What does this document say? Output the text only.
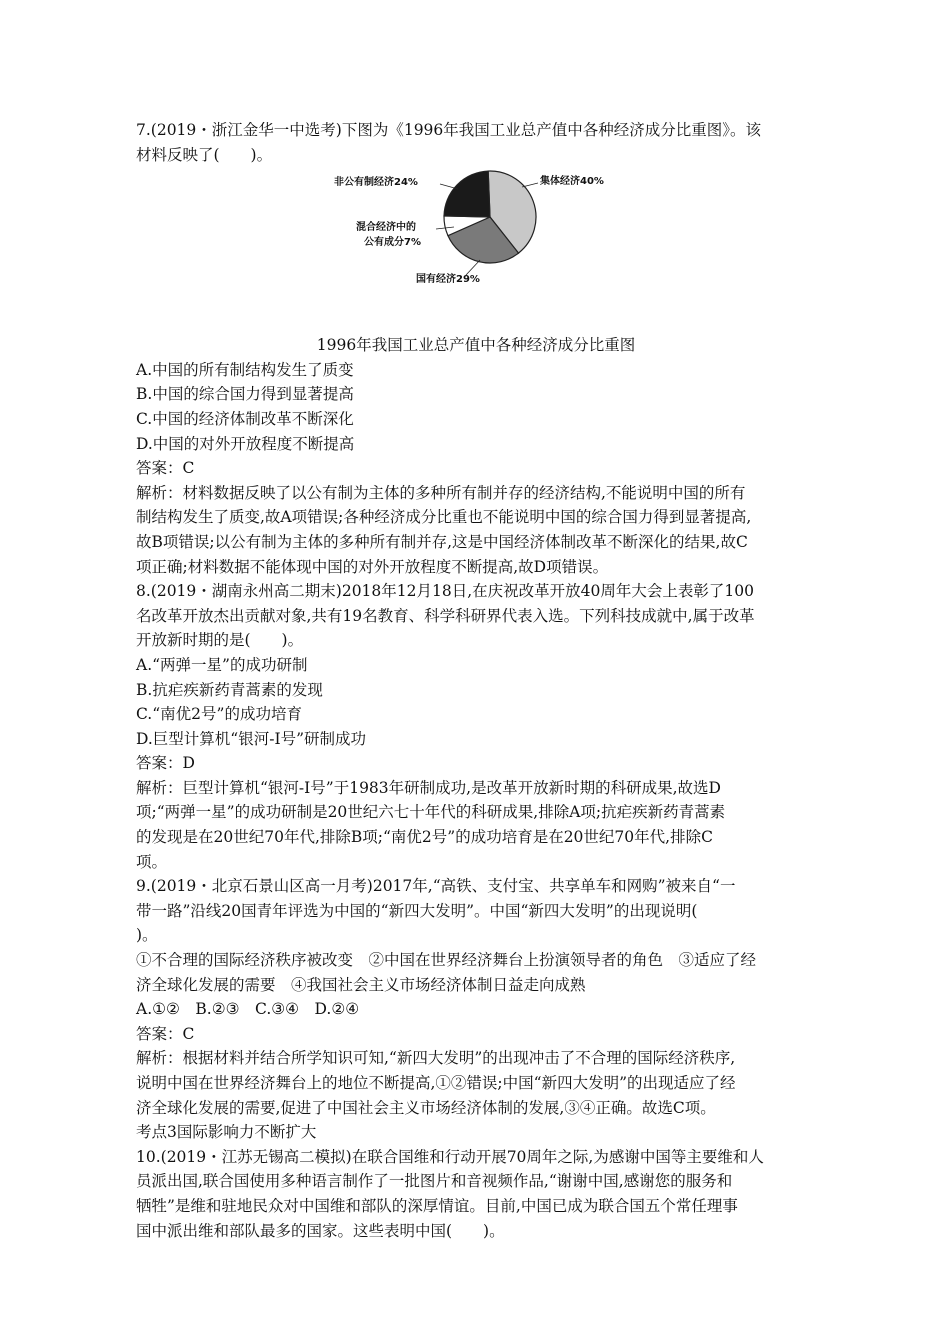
7.(2019・浙江金华一中选考)下图为《1996年我国工业总产值中各种经济成分比重图》。该
材料反映了(　　)。
集体经济40%
国有经济29%
混合经济中的
公有成分7%
非公有制经济24%
1996年我国工业总产值中各种经济成分比重图
A.中国的所有制结构发生了质变
B.中国的综合国力得到显著提高
C.中国的经济体制改革不断深化
D.中国的对外开放程度不断提高
答案：C
解析：材料数据反映了以公有制为主体的多种所有制并存的经济结构,不能说明中国的所有
制结构发生了质变,故A项错误;各种经济成分比重也不能说明中国的综合国力得到显著提高,
故B项错误;以公有制为主体的多种所有制并存,这是中国经济体制改革不断深化的结果,故C
项正确;材料数据不能体现中国的对外开放程度不断提高,故D项错误。
8.(2019・湖南永州高二期末)2018年12月18日,在庆祝改革开放40周年大会上表彰了100
名改革开放杰出贡献对象,共有19名教育、科学科研界代表入选。下列科技成就中,属于改革
开放新时期的是(　　)。
A.“两弹一星”的成功研制
B.抗疟疾新药青蒿素的发现
C.“南优2号”的成功培育
D.巨型计算机“银河-Ⅰ号”研制成功
答案：D
解析：巨型计算机“银河-Ⅰ号”于1983年研制成功,是改革开放新时期的科研成果,故选D
项;“两弹一星”的成功研制是20世纪六七十年代的科研成果,排除A项;抗疟疾新药青蒿素
的发现是在20世纪70年代,排除B项;“南优2号”的成功培育是在20世纪70年代,排除C
项。
9.(2019・北京石景山区高一月考)2017年,“高铁、支付宝、共享单车和网购”被来自“一
带一路”沿线20国青年评选为中国的“新四大发明”。中国“新四大发明”的出现说明(
)。
①不合理的国际经济秩序被改变　②中国在世界经济舞台上扮演领导者的角色　③适应了经
济全球化发展的需要　④我国社会主义市场经济体制日益走向成熟
A.①②　B.②③　C.③④　D.②④
答案：C
解析：根据材料并结合所学知识可知,“新四大发明”的出现冲击了不合理的国际经济秩序,
说明中国在世界经济舞台上的地位不断提高,①②错误;中国“新四大发明”的出现适应了经
济全球化发展的需要,促进了中国社会主义市场经济体制的发展,③④正确。故选C项。
考点3国际影响力不断扩大
10.(2019・江苏无锡高二模拟)在联合国维和行动开展70周年之际,为感谢中国等主要维和人
员派出国,联合国使用多种语言制作了一批图片和音视频作品,“谢谢中国,感谢您的服务和
牺牲”是维和驻地民众对中国维和部队的深厚情谊。目前,中国已成为联合国五个常任理事
国中派出维和部队最多的国家。这些表明中国(　　)。
